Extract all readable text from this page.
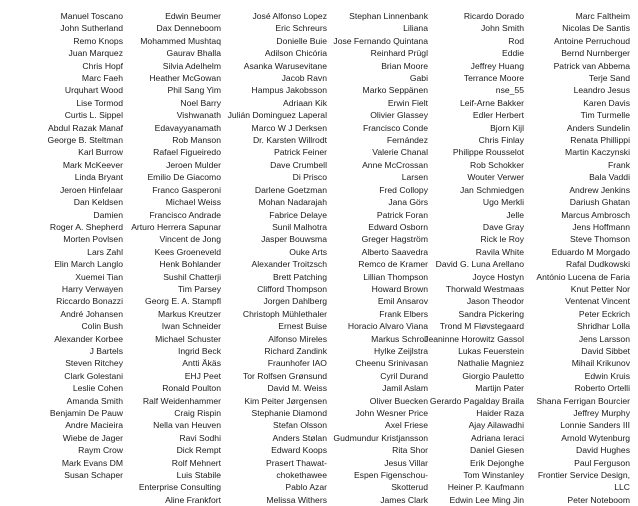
Manuel Toscano
John Sutherland
Remo Knops
Juan Marquez
Chris Hopf
Marc Faeh
Urquhart Wood
Lise Tormod
Curtis L. Sippel
Abdul Razak Manaf
George B. Steltman
Karl Burrow
Mark McKeever
Linda Bryant
Jeroen Hinfelaar
Dan Keldsen
Damien
Roger A. Shepherd
Morten Povlsen
Lars Zahl
Elin March Langlo
Xuemei Tian
Harry Verwayen
Riccardo Bonazzi
André Johansen
Colin Bush
Alexander Korbee
J Bartels
Steven Ritchey
Clark Golestani
Leslie Cohen
Amanda Smith
Benjamin De Pauw
Andre Macieira
Wiebe de Jager
Raym Crow
Mark Evans DM
Susan Schaper
Edwin Beumer
Dax Denneboom
Mohammed Mushtaq
Gaurav Bhalla
Silvia Adelhelm
Heather McGowan
Phil Sang Yim
Noel Barry
Vishwanath
Edavayyanamath
Rob Manson
Rafael Figueiredo
Jeroen Mulder
Emilio De Giacomo
Franco Gasperoni
Michael Weiss
Francisco Andrade
Arturo Herrera Sapunar
Vincent de Jong
Kees Groeneveld
Henk Bohlander
Sushil Chatterji
Tim Parsey
Georg E. A. Stampfl
Markus Kreutzer
Iwan Schneider
Michael Schuster
Ingrid Beck
Antti Äkäs
EHJ Peet
Ronald Poulton
Ralf Weidenhammer
Craig Rispin
Nella van Heuven
Ravi Sodhi
Dick Rempt
Rolf Mehnert
Luis Stabile
Enterprise Consulting
Aline Frankfort
José Alfonso Lopez
Eric Schreurs
Donielle Buie
Adilson Chicória
Asanka Warusevitane
Jacob Ravn
Hampus Jakobsson
Adriaan Kik
Julián Dominguez Laperal
Marco W J Derksen
Dr. Karsten Willrodt
Patrick Feiner
Dave Crumbell
Di Prisco
Darlene Goetzman
Mohan Nadarajah
Fabrice Delaye
Sunil Malhotra
Jasper Bouwsma
Ouke Arts
Alexander Troitzsch
Brett Patching
Clifford Thompson
Jorgen Dahlberg
Christoph Mühlethaler
Ernest Buise
Alfonso Mireles
Richard Zandink
Fraunhofer IAO
Tor Rolfsen Grønsund
David M. Weiss
Kim Peiter Jørgensen
Stephanie Diamond
Stefan Olsson
Anders Stølan
Edward Koops
Prasert Thawat-
chokethawee
Pablo Azar
Melissa Withers
Stephan Linnenbank
Liliana
Jose Fernando Quintana
Reinhard Prügl
Brian Moore
Gabi
Marko Seppänen
Erwin Fielt
Olivier Glassey
Francisco Conde
Fernández
Valerie Chanal
Anne McCrossan
Larsen
Fred Collopy
Jana Görs
Patrick Foran
Edward Osborn
Greger Hagström
Alberto Saavedra
Remco de Kramer
Lillian Thompson
Howard Brown
Emil Ansarov
Frank Elbers
Horacio Alvaro Viana
Markus Schroll
Hylke Zeijlstra
Cheenu Srinivasan
Cyril Durand
Jamil Aslam
Oliver Buecken
John Wesner Price
Axel Friese
Gudmundur Kristjansson
Rita Shor
Jesus Villar
Espen Figenschou-
Skotterud
James Clark
Ricardo Dorado
John Smith
Rod
Eddie
Jeffrey Huang
Terrance Moore
nse_55
Leif-Arne Bakker
Edler Herbert
Bjorn Kijl
Chris Finlay
Philippe Rousselot
Rob Schokker
Wouter Verwer
Jan Schmiedgen
Ugo Merkli
Jelle
Dave Gray
Rick le Roy
Ravila White
David G. Luna Arellano
Joyce Hostyn
Thorwald Westmaas
Jason Theodor
Sandra Pickering
Trond M Fløvstegaard
Jeaninne Horowitz Gassol
Lukas Feuerstein
Nathalie Magniez
Giorgio Pauletto
Martijn Pater
Gerardo Pagalday Braila
Haider Raza
Ajay Ailawadhi
Adriana Ieraci
Daniel Giesen
Erik Dejonghe
Tom Winstanley
Heiner P. Kaufmann
Edwin Lee Ming Jin
Marc Faltheim
Nicolas De Santis
Antoine Perruchoud
Bernd Nurnberger
Patrick van Abbema
Terje Sand
Leandro Jesus
Karen Davis
Tim Turmelle
Anders Sundelin
Renata Phillippi
Martin Kaczynski
Frank
Bala Vaddi
Andrew Jenkins
Dariush Ghatan
Marcus Ambrosch
Jens Hoffmann
Steve Thomson
Eduardo M Morgado
Rafal Dudkowski
António Lucena de Faria
Knut Petter Nor
Ventenat Vincent
Peter Eckrich
Shridhar Lolla
Jens Larsson
David Sibbet
Mihail Krikunov
Edwin Kruis
Roberto Ortelli
Shana Ferrigan Bourcier
Jeffrey Murphy
Lonnie Sanders III
Arnold Wytenburg
David Hughes
Paul Ferguson
Frontier Service Design,
LLC
Peter Noteboom
